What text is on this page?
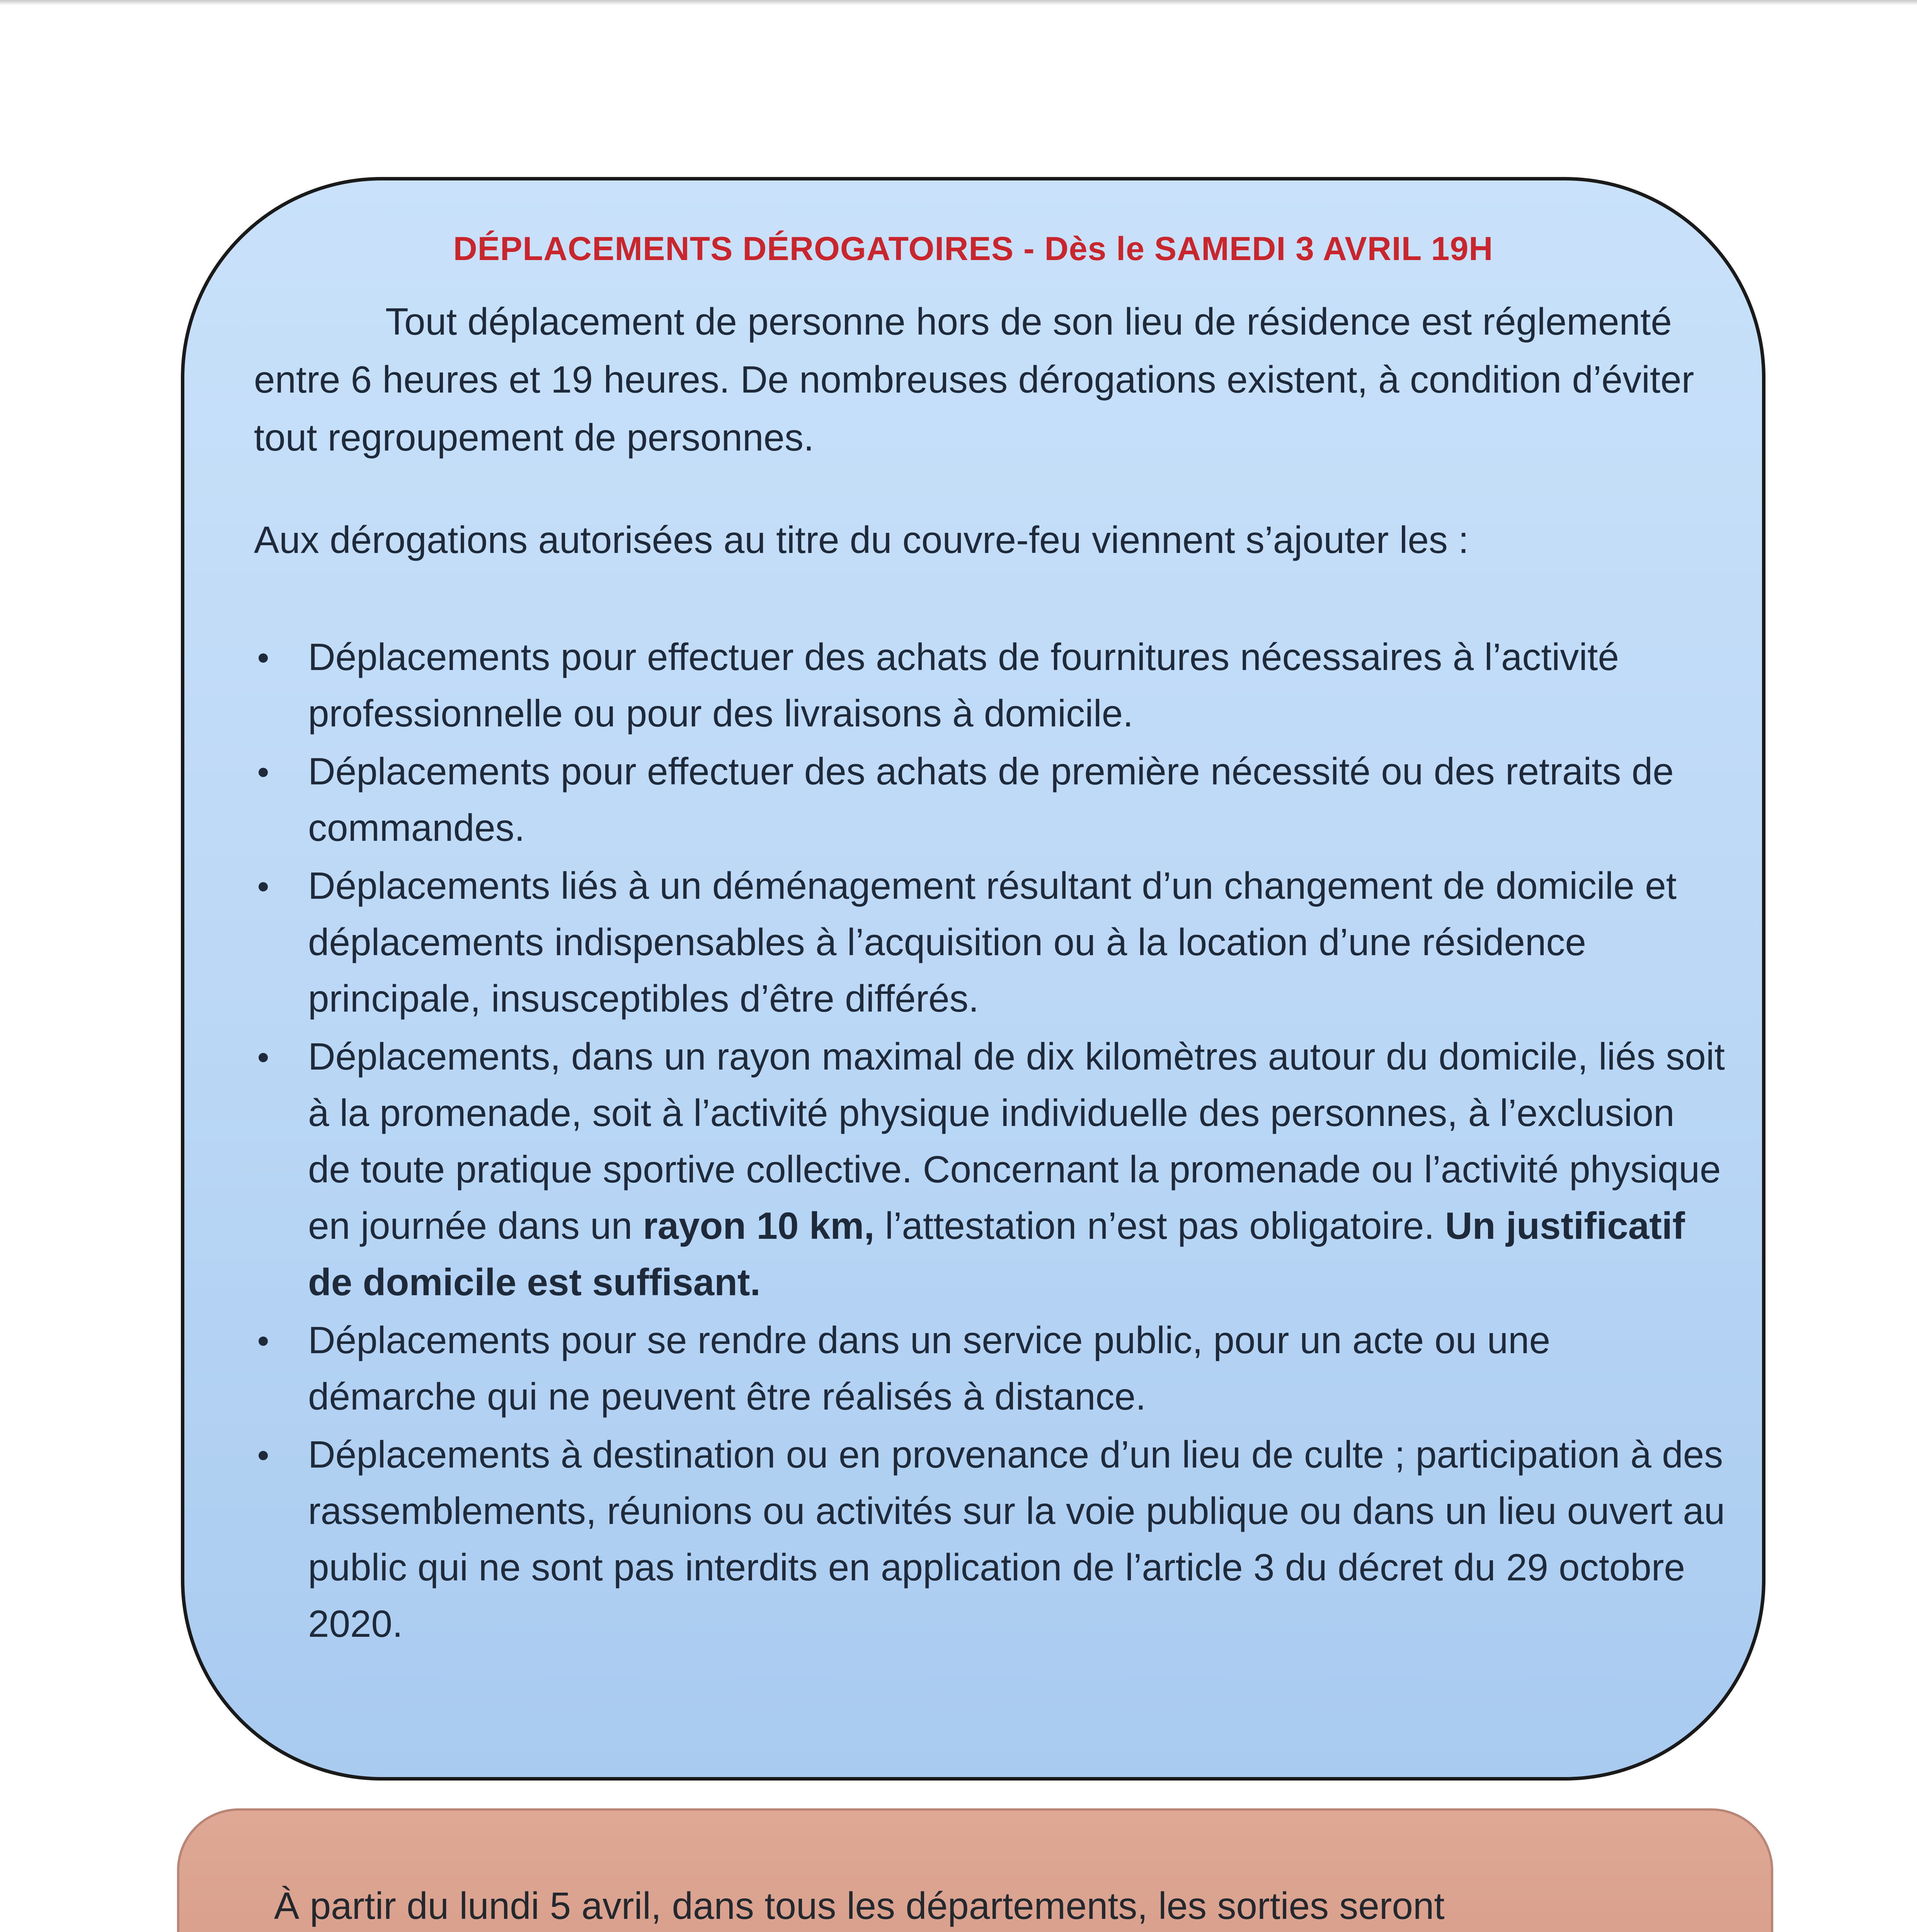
DÉPLACEMENTS DÉROGATOIRES - Dès le SAMEDI 3 AVRIL 19H

Tout déplacement de personne hors de son lieu de résidence est réglementé entre 6 heures et 19 heures. De nombreuses dérogations existent, à condition d’éviter tout regroupement de personnes.

Aux dérogations autorisées au titre du couvre-feu viennent s’ajouter les :

Déplacements pour effectuer des achats de fournitures nécessaires à l’activité professionnelle ou pour des livraisons à domicile.
Déplacements pour effectuer des achats de première nécessité ou des retraits de commandes.
Déplacements liés à un déménagement résultant d’un changement de domicile et déplacements indispensables à l’acquisition ou à la location d’une résidence principale, insusceptibles d’être différés.
Déplacements, dans un rayon maximal de dix kilomètres autour du domicile, liés soit à la promenade, soit à l’activité physique individuelle des personnes, à l’exclusion de toute pratique sportive collective. Concernant la promenade ou l’activité physique en journée dans un rayon 10 km, l’attestation n’est pas obligatoire. Un justificatif de domicile est suffisant.
Déplacements pour se rendre dans un service public, pour un acte ou une démarche qui ne peuvent être réalisés à distance.
Déplacements à destination ou en provenance d’un lieu de culte ; participation à des rassemblements, réunions ou activités sur la voie publique ou dans un lieu ouvert au public qui ne sont pas interdits en application de l’article 3 du décret du 29 octobre 2020.

À partir du lundi 5 avril, dans tous les départements, les sorties seront
